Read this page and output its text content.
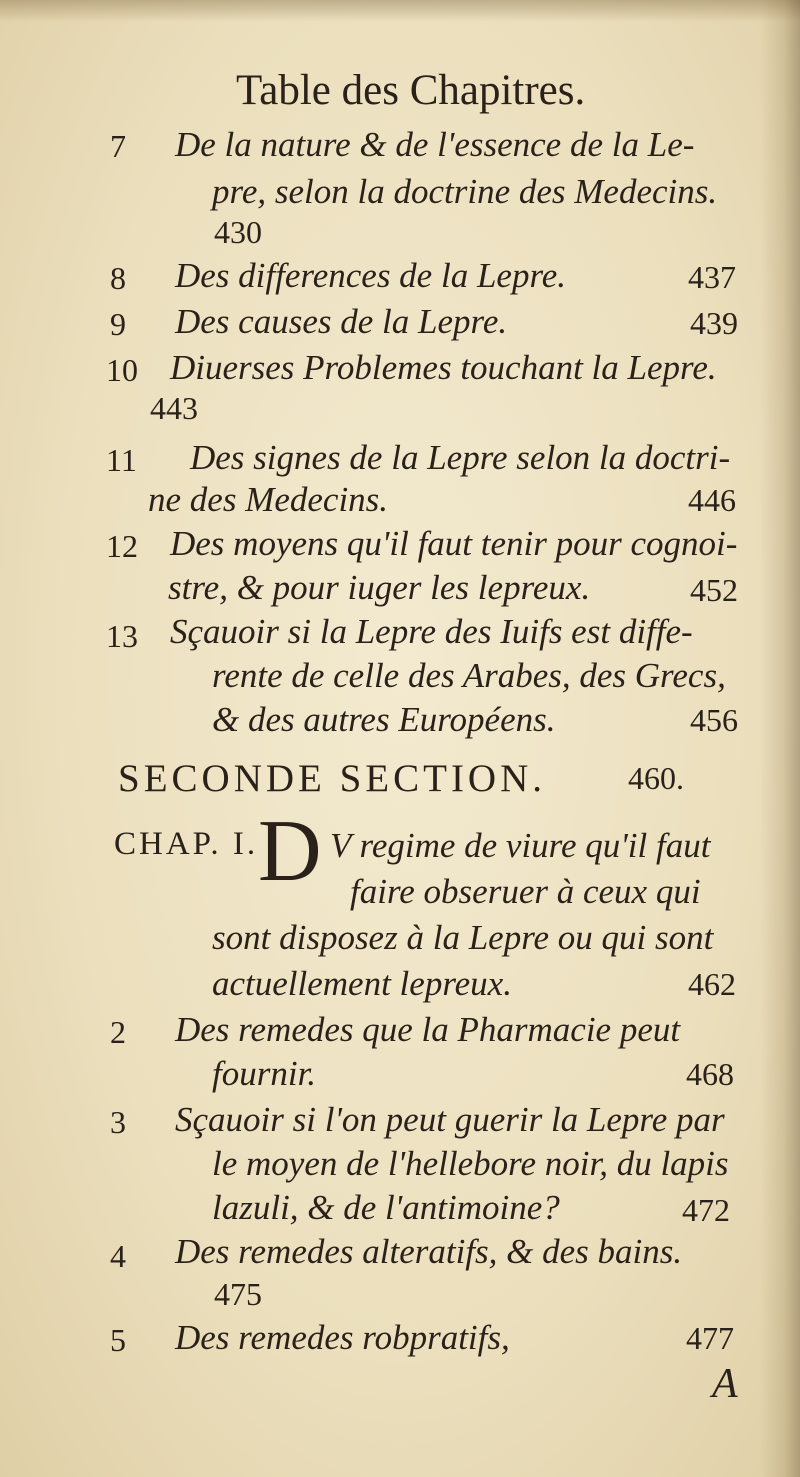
Table des Chapitres.
7 De la nature & de l'essence de la Le-
pre, selon la doctrine des Medecins.
430
8 Des differences de la Lepre.	437
9 Des causes de la Lepre.	439
10 Diuerses Problemes touchant la Lepre.
443
11 Des signes de la Lepre selon la doctri-
ne des Medecins.	446
12 Des moyens qu'il faut tenir pour cognoi-
stre, & pour iuger les lepreux.	452
13 Sçauoir si la Lepre des Iuifs est diffe-
rente de celle des Arabes, des Grecs,
& des autres Européens.	456
SECONDE SECTION.	460.
CHAP. I. D V regime de viure qu'il faut
faire obseruer à ceux qui
sont disposez à la Lepre ou qui sont
actuellement lepreux.	462
2 Des remedes que la Pharmacie peut
fournir.	468
3 Sçauoir si l'on peut guerir la Lepre par
le moyen de l'hellebore noir, du lapis
lazuli, & de l'antimoine?	472
4 Des remedes alteratifs, & des bains.
475
5 Des remedes robpratifs,	477
A
